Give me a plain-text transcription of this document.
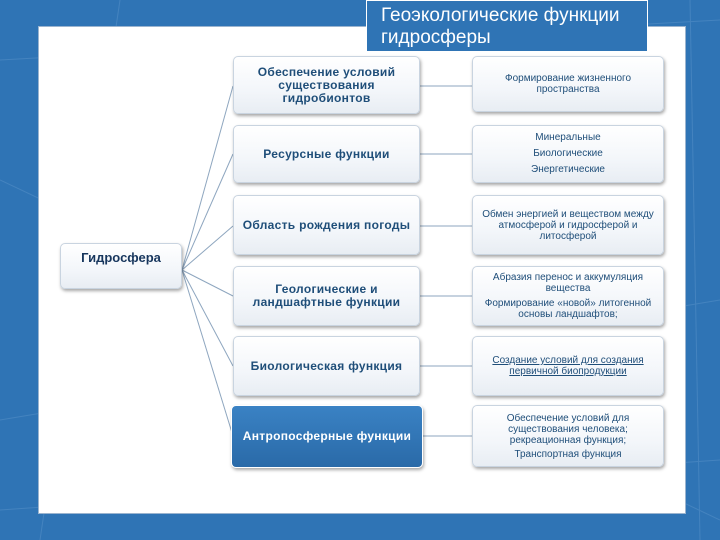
Геоэкологические функции гидросферы
Гидросфера
Обеспечение условий существования гидробионтов
Ресурсные функции
Область рождения погоды
Геологические и ландшафтные функции
Биологическая функция
Антропосферные функции
Формирование жизненного пространства
Минеральные
Биологические
Энергетические
Обмен энергией и веществом между атмосферой и гидросферой и литосферой
Абразия перенос и аккумуляция вещества
Формирование «новой» литогенной основы ландшафтов;
Создание условий для создания первичной биопродукции
Обеспечение условий для существования человека;
рекреационная функция;
Транспортная функция
